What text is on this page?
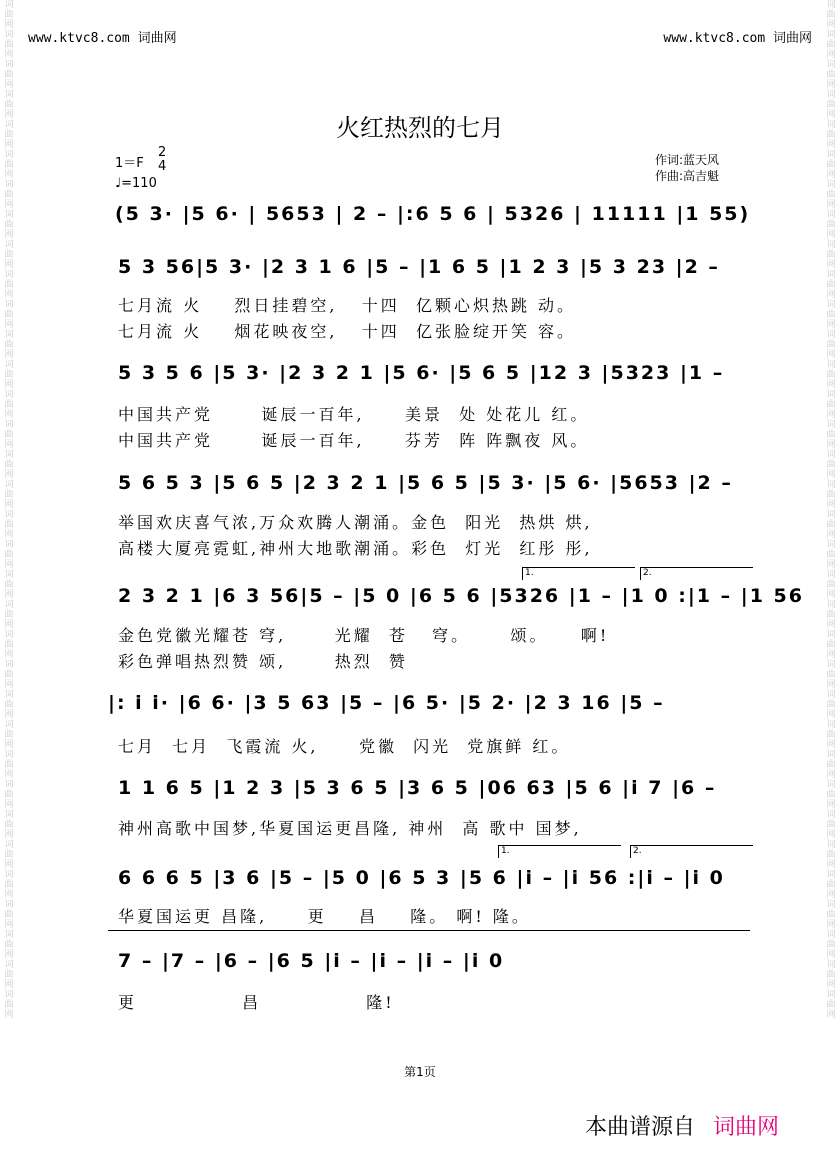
词曲网词曲网词曲网词曲网词曲网词曲网词曲网词曲网词曲网词曲网词曲网词曲网词曲网词曲网词曲网词曲网词曲网词曲网词曲网词曲网词曲网词曲网词曲网词曲网词曲网词曲网词曲网词曲网词曲网词曲网词曲网词曲网词曲网词曲网
词曲网词曲网词曲网词曲网词曲网词曲网词曲网词曲网词曲网词曲网词曲网词曲网词曲网词曲网词曲网词曲网词曲网词曲网词曲网词曲网词曲网词曲网词曲网词曲网词曲网词曲网词曲网词曲网词曲网词曲网词曲网词曲网词曲网词曲网
www.ktvc8.com 词曲网	www.ktvc8.com 词曲网
火红热烈的七月
1＝F
2
4
♩=110
作词:蓝天风
作曲:高吉魁
(5 3· |5 6· | 5653 | 2 – |:6 5 6 | 5326 | 11111 |1 55)
5 3 56|5 3· |2 3 1 6 |5 – |1 6 5 |1 2 3 |5 3 23 |2 –
七月流 火    烈日挂碧空,   十四  亿颗心炽热跳 动。
七月流 火    烟花映夜空,   十四  亿张脸绽开笑 容。
5 3 5 6 |5 3· |2 3 2 1 |5 6· |5 6 5 |12 3 |5323 |1 –
中国共产党      诞辰一百年,     美景  处 处花儿 红。
中国共产党      诞辰一百年,     芬芳  阵 阵飘夜 风。
5 6 5 3 |5 6 5 |2 3 2 1 |5 6 5 |5 3· |5 6· |5653 |2 –
举国欢庆喜气浓,万众欢腾人潮涌。金色  阳光  热烘 烘,
高楼大厦亮霓虹,神州大地歌潮涌。彩色  灯光  红彤 彤,
1.	2.
2 3 2 1 |6 3 56|5 – |5 0 |6 5 6 |5326 |1 – |1 0 :|1 – |1 56
金色党徽光耀苍 穹,      光耀  苍   穹。     颂。    啊!
彩色弹唱热烈赞 颂,      热烈  赞
|: i i· |6 6· |3 5 63 |5 – |6 5· |5 2· |2 3 16 |5 –
七月  七月  飞霞流 火,     党徽  闪光  党旗鲜 红。
1 1 6 5 |1 2 3 |5 3 6 5 |3 6 5 |06 63 |5 6 |i 7 |6 –
神州高歌中国梦,华夏国运更昌隆, 神州  高 歌中 国梦,
1.	2.
6 6 6 5 |3 6 |5 – |5 0 |6 5 3 |5 6 |i – |i 56 :|i – |i 0
华夏国运更 昌隆,     更    昌    隆。 啊! 隆。
7 – |7 – |6 – |6 5 |i – |i – |i – |i 0
更             昌             隆!
第1页
本曲谱源自 词曲网
